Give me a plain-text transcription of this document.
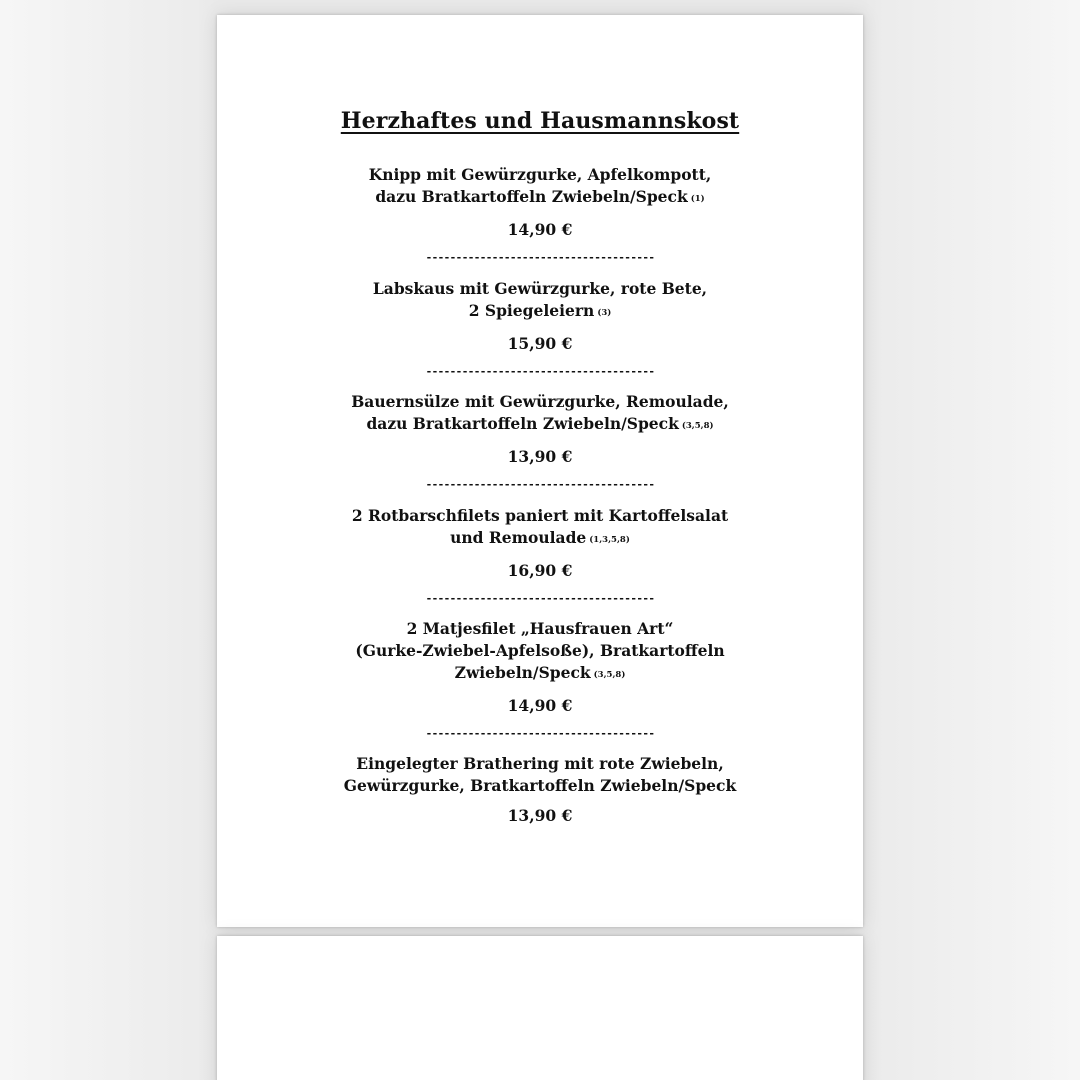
Herzhaftes und Hausmannskost

Knipp mit Gewürzgurke, Apfelkompott,
dazu Bratkartoffeln Zwiebeln/Speck (1)

14,90 €

--------------------------------------

Labskaus mit Gewürzgurke, rote Bete,
2 Spiegeleiern (3)

15,90 €

--------------------------------------

Bauernsülze mit Gewürzgurke, Remoulade,
dazu Bratkartoffeln Zwiebeln/Speck (3,5,8)

13,90 €

--------------------------------------

2 Rotbarschfilets paniert mit Kartoffelsalat
und Remoulade (1,3,5,8)

16,90 €

--------------------------------------

2 Matjesfilet „Hausfrauen Art“
(Gurke-Zwiebel-Apfelsoße), Bratkartoffeln
Zwiebeln/Speck (3,5,8)

14,90 €

--------------------------------------

Eingelegter Brathering mit rote Zwiebeln,
Gewürzgurke, Bratkartoffeln Zwiebeln/Speck

13,90 €
